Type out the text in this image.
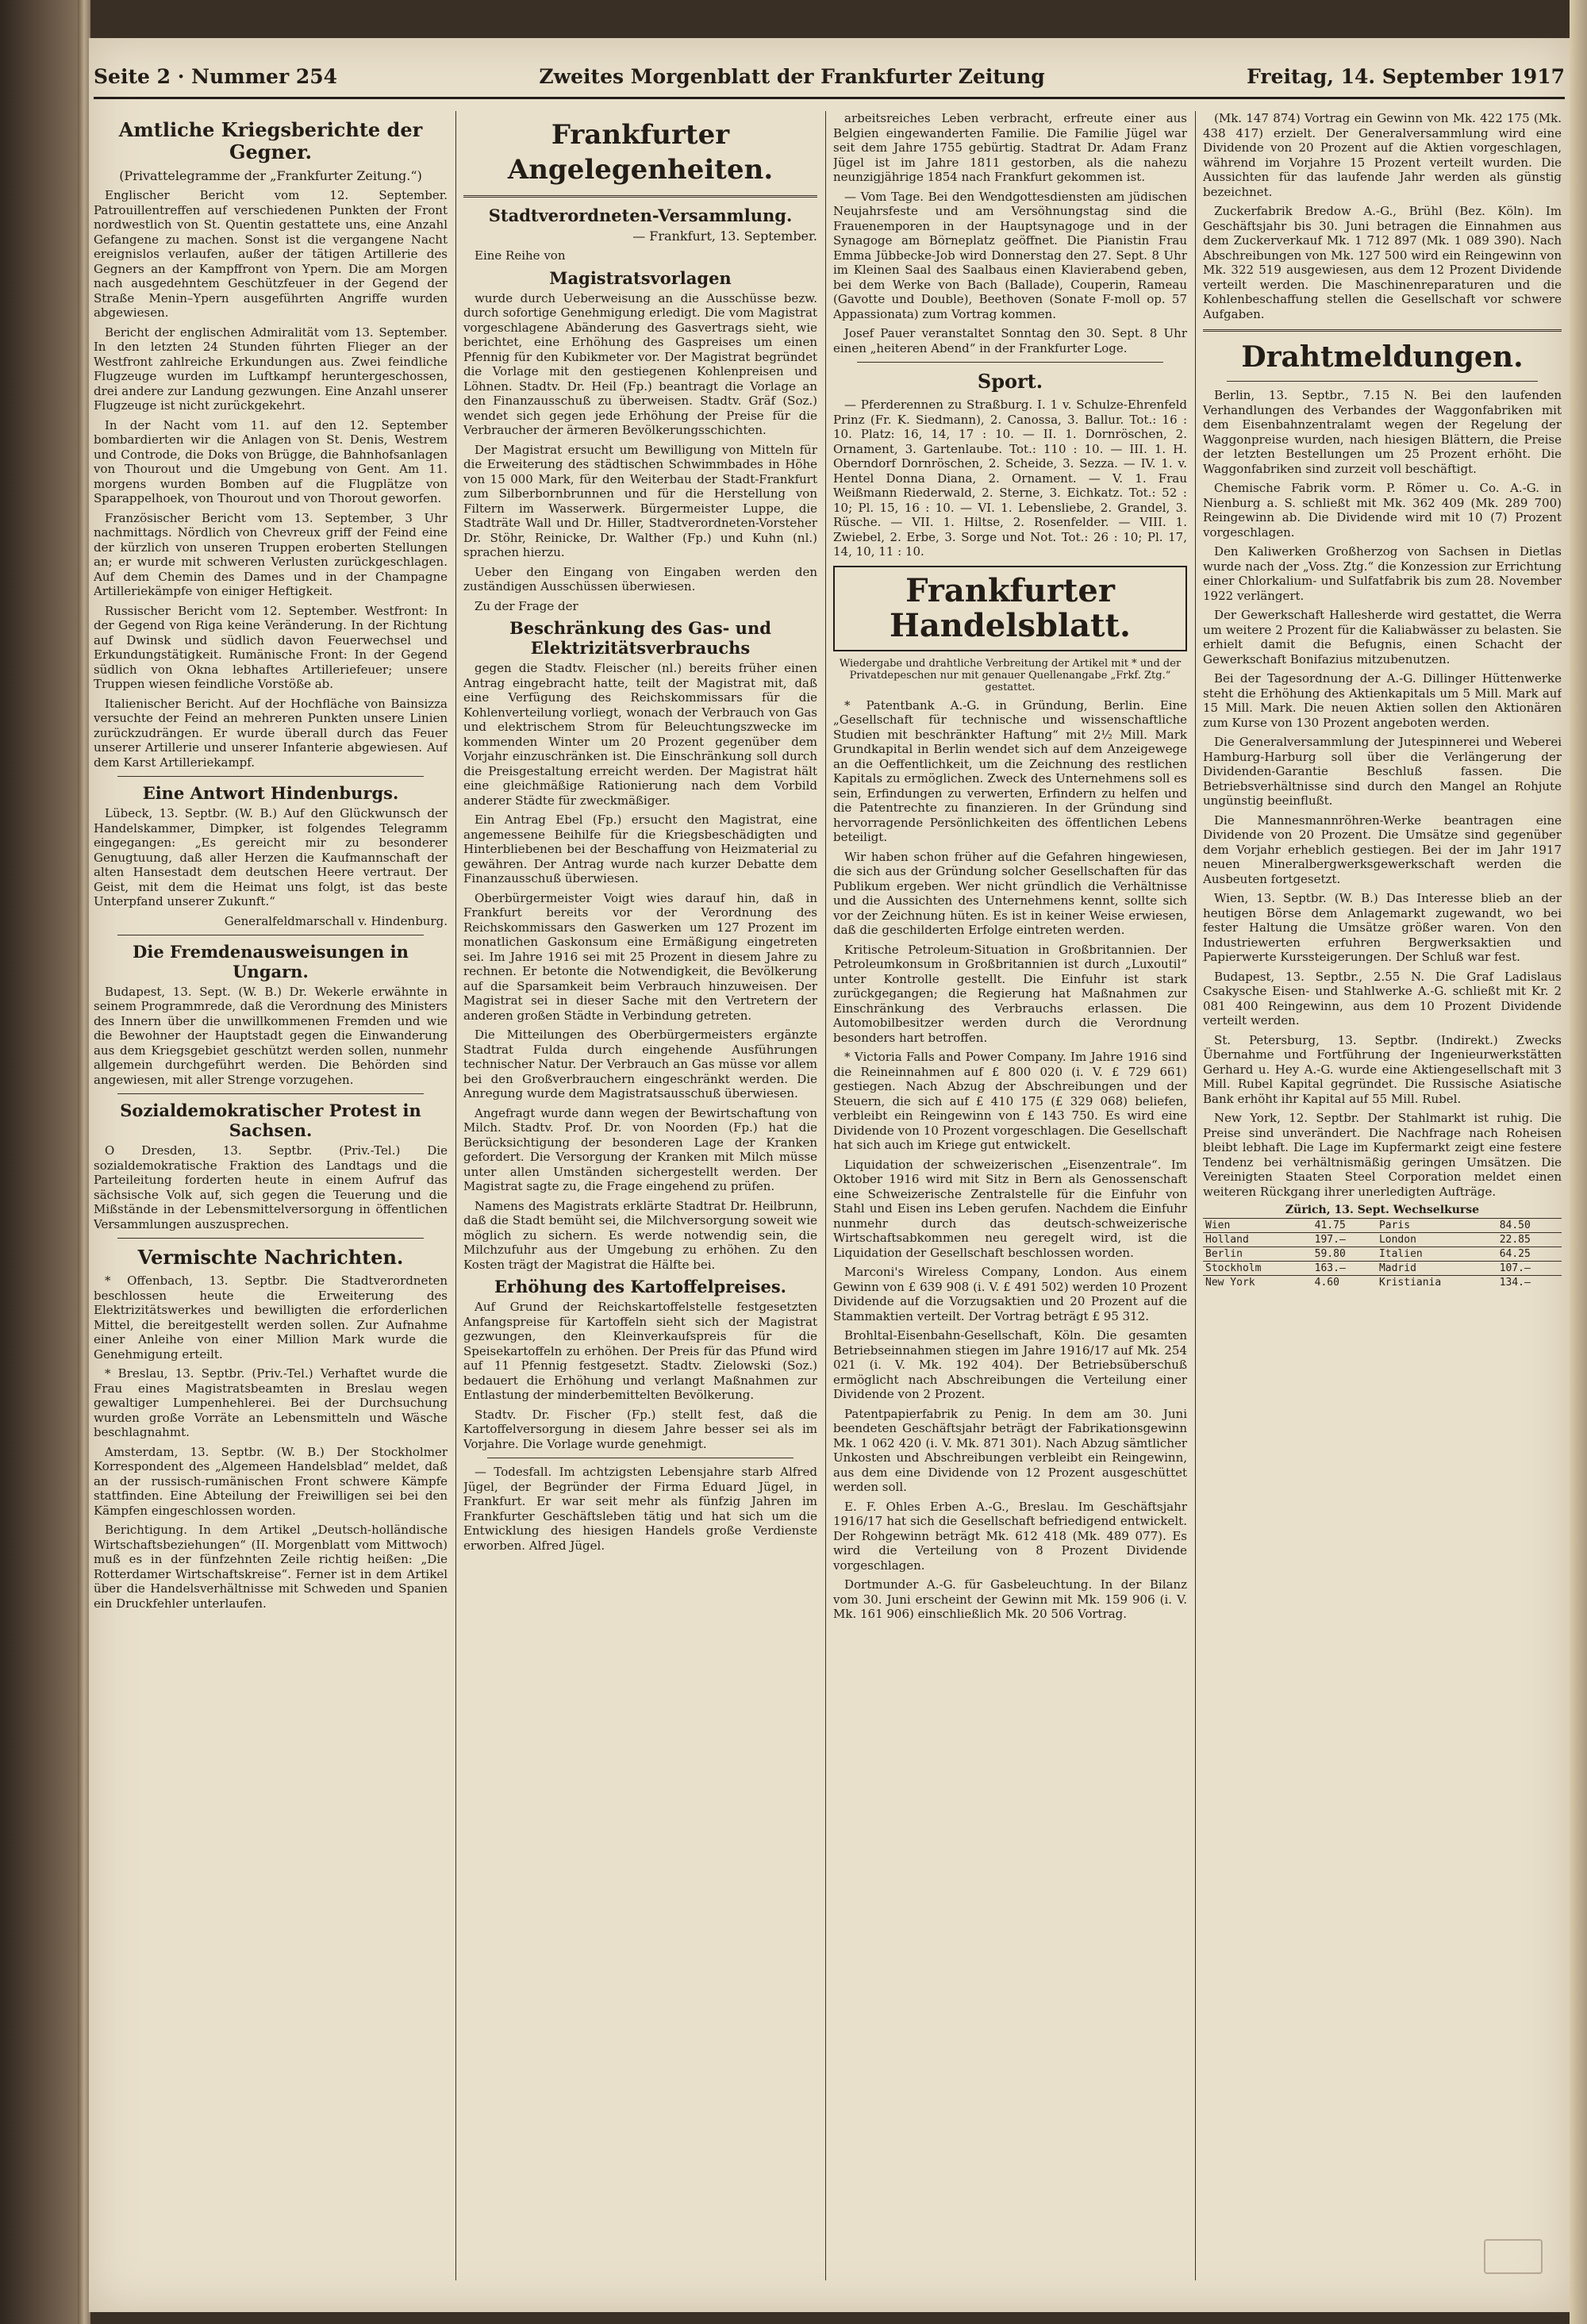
Seite 2 · Nummer 254	Zweites Morgenblatt der Frankfurter Zeitung	Freitag, 14. September 1917
Amtliche Kriegsberichte der Gegner.
(Privattelegramme der „Frankfurter Zeitung.“)

Englischer Bericht vom 12. September. Patrouillentreffen auf verschiedenen Punkten der Front nordwestlich von St. Quentin gestattete uns, eine Anzahl Gefangene zu machen. Sonst ist die vergangene Nacht ereignislos verlaufen, außer der tätigen Artillerie des Gegners an der Kampffront von Ypern. Die am Morgen nach ausgedehntem Geschützfeuer in der Gegend der Straße Menin–Ypern ausgeführten Angriffe wurden abgewiesen.

Bericht der englischen Admiralität vom 13. September. In den letzten 24 Stunden führten Flieger an der Westfront zahlreiche Erkundungen aus. Zwei feindliche Flugzeuge wurden im Luftkampf heruntergeschossen, drei andere zur Landung gezwungen. Eine Anzahl unserer Flugzeuge ist nicht zurückgekehrt.

In der Nacht vom 11. auf den 12. September bombardierten wir die Anlagen von St. Denis, Westrem und Controde, die Doks von Brügge, die Bahnhofsanlagen von Thourout und die Umgebung von Gent. Am 11. morgens wurden Bomben auf die Flugplätze von Sparappelhoek, von Thourout und von Thorout geworfen.

Französischer Bericht vom 13. September, 3 Uhr nachmittags. Nördlich von Chevreux griff der Feind eine der kürzlich von unseren Truppen eroberten Stellungen an; er wurde mit schweren Verlusten zurückgeschlagen. Auf dem Chemin des Dames und in der Champagne Artilleriekämpfe von einiger Heftigkeit.

Russischer Bericht vom 12. September. Westfront: In der Gegend von Riga keine Veränderung. In der Richtung auf Dwinsk und südlich davon Feuerwechsel und Erkundungstätigkeit. Rumänische Front: In der Gegend südlich von Okna lebhaftes Artilleriefeuer; unsere Truppen wiesen feindliche Vorstöße ab.

Italienischer Bericht. Auf der Hochfläche von Bainsizza versuchte der Feind an mehreren Punkten unsere Linien zurückzudrängen. Er wurde überall durch das Feuer unserer Artillerie und unserer Infanterie abgewiesen. Auf dem Karst Artilleriekampf.

Eine Antwort Hindenburgs.

Lübeck, 13. Septbr. (W. B.) Auf den Glückwunsch der Handelskammer, Dimpker, ist folgendes Telegramm eingegangen: „Es gereicht mir zu besonderer Genugtuung, daß aller Herzen die Kaufmannschaft der alten Hansestadt dem deutschen Heere vertraut. Der Geist, mit dem die Heimat uns folgt, ist das beste Unterpfand unserer Zukunft.“

Generalfeldmarschall v. Hindenburg.
Die Fremdenausweisungen in Ungarn.

Budapest, 13. Sept. (W. B.) Dr. Wekerle erwähnte in seinem Programmrede, daß die Verordnung des Ministers des Innern über die unwillkommenen Fremden und wie die Bewohner der Hauptstadt gegen die Einwanderung aus dem Kriegsgebiet geschützt werden sollen, nunmehr allgemein durchgeführt werden. Die Behörden sind angewiesen, mit aller Strenge vorzugehen.

Sozialdemokratischer Protest in Sachsen.

O Dresden, 13. Septbr. (Priv.-Tel.) Die sozialdemokratische Fraktion des Landtags und die Parteileitung forderten heute in einem Aufruf das sächsische Volk auf, sich gegen die Teuerung und die Mißstände in der Lebensmittelversorgung in öffentlichen Versammlungen auszusprechen.

Vermischte Nachrichten.

* Offenbach, 13. Septbr. Die Stadtverordneten beschlossen heute die Erweiterung des Elektrizitätswerkes und bewilligten die erforderlichen Mittel, die bereitgestellt werden sollen. Zur Aufnahme einer Anleihe von einer Million Mark wurde die Genehmigung erteilt.

* Breslau, 13. Septbr. (Priv.-Tel.) Verhaftet wurde die Frau eines Magistratsbeamten in Breslau wegen gewaltiger Lumpenhehlerei. Bei der Durchsuchung wurden große Vorräte an Lebensmitteln und Wäsche beschlagnahmt.

Amsterdam, 13. Septbr. (W. B.) Der Stockholmer Korrespondent des „Algemeen Handelsblad“ meldet, daß an der russisch-rumänischen Front schwere Kämpfe stattfinden. Eine Abteilung der Freiwilligen sei bei den Kämpfen eingeschlossen worden.

Berichtigung. In dem Artikel „Deutsch-holländische Wirtschaftsbeziehungen“ (II. Morgenblatt vom Mittwoch) muß es in der fünfzehnten Zeile richtig heißen: „Die Rotterdamer Wirtschaftskreise“. Ferner ist in dem Artikel über die Handelsverhältnisse mit Schweden und Spanien ein Druckfehler unterlaufen.

Frankfurter Angelegenheiten.
Stadtverordneten-Versammlung.
— Frankfurt, 13. September.

Eine Reihe von

Magistratsvorlagen

wurde durch Ueberweisung an die Ausschüsse bezw. durch sofortige Genehmigung erledigt. Die vom Magistrat vorgeschlagene Abänderung des Gasvertrags sieht, wie berichtet, eine Erhöhung des Gaspreises um einen Pfennig für den Kubikmeter vor. Der Magistrat begründet die Vorlage mit den gestiegenen Kohlenpreisen und Löhnen. Stadtv. Dr. Heil (Fp.) beantragt die Vorlage an den Finanzausschuß zu überweisen. Stadtv. Gräf (Soz.) wendet sich gegen jede Erhöhung der Preise für die Verbraucher der ärmeren Bevölkerungsschichten.

Der Magistrat ersucht um Bewilligung von Mitteln für die Erweiterung des städtischen Schwimmbades in Höhe von 15 000 Mark, für den Weiterbau der Stadt-Frankfurt zum Silberbornbrunnen und für die Herstellung von Filtern im Wasserwerk. Bürgermeister Luppe, die Stadträte Wall und Dr. Hiller, Stadtverordneten-Vorsteher Dr. Stöhr, Reinicke, Dr. Walther (Fp.) und Kuhn (nl.) sprachen hierzu.

Ueber den Eingang von Eingaben werden den zuständigen Ausschüssen überwiesen.

Zu der Frage der

Beschränkung des Gas- und Elektrizitätsverbrauchs

gegen die Stadtv. Fleischer (nl.) bereits früher einen Antrag eingebracht hatte, teilt der Magistrat mit, daß eine Verfügung des Reichskommissars für die Kohlenverteilung vorliegt, wonach der Verbrauch von Gas und elektrischem Strom für Beleuchtungszwecke im kommenden Winter um 20 Prozent gegenüber dem Vorjahr einzuschränken ist. Die Einschränkung soll durch die Preisgestaltung erreicht werden. Der Magistrat hält eine gleichmäßige Rationierung nach dem Vorbild anderer Städte für zweckmäßiger.

Ein Antrag Ebel (Fp.) ersucht den Magistrat, eine angemessene Beihilfe für die Kriegsbeschädigten und Hinterbliebenen bei der Beschaffung von Heizmaterial zu gewähren. Der Antrag wurde nach kurzer Debatte dem Finanzausschuß überwiesen.

Oberbürgermeister Voigt wies darauf hin, daß in Frankfurt bereits vor der Verordnung des Reichskommissars den Gaswerken um 127 Prozent im monatlichen Gaskonsum eine Ermäßigung eingetreten sei. Im Jahre 1916 sei mit 25 Prozent in diesem Jahre zu rechnen. Er betonte die Notwendigkeit, die Bevölkerung auf die Sparsamkeit beim Verbrauch hinzuweisen. Der Magistrat sei in dieser Sache mit den Vertretern der anderen großen Städte in Verbindung getreten.

Die Mitteilungen des Oberbürgermeisters ergänzte Stadtrat Fulda durch eingehende Ausführungen technischer Natur. Der Verbrauch an Gas müsse vor allem bei den Großverbrauchern eingeschränkt werden. Die Anregung wurde dem Magistratsausschuß überwiesen.

Angefragt wurde dann wegen der Bewirtschaftung von Milch. Stadtv. Prof. Dr. von Noorden (Fp.) hat die Berücksichtigung der besonderen Lage der Kranken gefordert. Die Versorgung der Kranken mit Milch müsse unter allen Umständen sichergestellt werden. Der Magistrat sagte zu, die Frage eingehend zu prüfen.

Namens des Magistrats erklärte Stadtrat Dr. Heilbrunn, daß die Stadt bemüht sei, die Milchversorgung soweit wie möglich zu sichern. Es werde notwendig sein, die Milchzufuhr aus der Umgebung zu erhöhen. Zu den Kosten trägt der Magistrat die Hälfte bei.

Erhöhung des Kartoffelpreises.

Auf Grund der Reichskartoffelstelle festgesetzten Anfangspreise für Kartoffeln sieht sich der Magistrat gezwungen, den Kleinverkaufspreis für die Speisekartoffeln zu erhöhen. Der Preis für das Pfund wird auf 11 Pfennig festgesetzt. Stadtv. Zielowski (Soz.) bedauert die Erhöhung und verlangt Maßnahmen zur Entlastung der minderbemittelten Bevölkerung.

Stadtv. Dr. Fischer (Fp.) stellt fest, daß die Kartoffelversorgung in diesem Jahre besser sei als im Vorjahre. Die Vorlage wurde genehmigt.

— Todesfall. Im achtzigsten Lebensjahre starb Alfred Jügel, der Begründer der Firma Eduard Jügel, in Frankfurt. Er war seit mehr als fünfzig Jahren im Frankfurter Geschäftsleben tätig und hat sich um die Entwicklung des hiesigen Handels große Verdienste erworben. Alfred Jügel.

arbeitsreiches Leben verbracht, erfreute einer aus Belgien eingewanderten Familie. Die Familie Jügel war seit dem Jahre 1755 gebürtig. Stadtrat Dr. Adam Franz Jügel ist im Jahre 1811 gestorben, als die nahezu neunzigjährige 1854 nach Frankfurt gekommen ist.

— Vom Tage. Bei den Wendgottesdiensten am jüdischen Neujahrsfeste und am Versöhnungstag sind die Frauenemporen in der Hauptsynagoge und in der Synagoge am Börneplatz geöffnet. Die Pianistin Frau Emma Jübbecke-Job wird Donnerstag den 27. Sept. 8 Uhr im Kleinen Saal des Saalbaus einen Klavierabend geben, bei dem Werke von Bach (Ballade), Couperin, Rameau (Gavotte und Double), Beethoven (Sonate F-moll op. 57 Appassionata) zum Vortrag kommen.

Josef Pauer veranstaltet Sonntag den 30. Sept. 8 Uhr einen „heiteren Abend“ in der Frankfurter Loge.

Sport.

— Pferderennen zu Straßburg. I. 1 v. Schulze-Ehrenfeld Prinz (Fr. K. Siedmann), 2. Canossa, 3. Ballur. Tot.: 16 : 10. Platz: 16, 14, 17 : 10. — II. 1. Dornröschen, 2. Ornament, 3. Gartenlaube. Tot.: 110 : 10. — III. 1. H. Oberndorf Dornröschen, 2. Scheide, 3. Sezza. — IV. 1. v. Hentel Donna Diana, 2. Ornament. — V. 1. Frau Weißmann Riederwald, 2. Sterne, 3. Eichkatz. Tot.: 52 : 10; Pl. 15, 16 : 10. — VI. 1. Lebensliebe, 2. Grandel, 3. Rüsche. — VII. 1. Hiltse, 2. Rosenfelder. — VIII. 1. Zwiebel, 2. Erbe, 3. Sorge und Not. Tot.: 26 : 10; Pl. 17, 14, 10, 11 : 10.

Frankfurter Handelsblatt.
Wiedergabe und drahtliche Verbreitung der Artikel mit * und der Privatdepeschen nur mit genauer Quellenangabe „Frkf. Ztg.“ gestattet.

* Patentbank A.-G. in Gründung, Berlin. Eine „Gesellschaft für technische und wissenschaftliche Studien mit beschränkter Haftung“ mit 2½ Mill. Mark Grundkapital in Berlin wendet sich auf dem Anzeigewege an die Oeffentlichkeit, um die Zeichnung des restlichen Kapitals zu ermöglichen. Zweck des Unternehmens soll es sein, Erfindungen zu verwerten, Erfindern zu helfen und die Patentrechte zu finanzieren. In der Gründung sind hervorragende Persönlichkeiten des öffentlichen Lebens beteiligt.

Wir haben schon früher auf die Gefahren hingewiesen, die sich aus der Gründung solcher Gesellschaften für das Publikum ergeben. Wer nicht gründlich die Verhältnisse und die Aussichten des Unternehmens kennt, sollte sich vor der Zeichnung hüten. Es ist in keiner Weise erwiesen, daß die geschilderten Erfolge eintreten werden.

Kritische Petroleum-Situation in Großbritannien. Der Petroleumkonsum in Großbritannien ist durch „Luxoutil“ unter Kontrolle gestellt. Die Einfuhr ist stark zurückgegangen; die Regierung hat Maßnahmen zur Einschränkung des Verbrauchs erlassen. Die Automobilbesitzer werden durch die Verordnung besonders hart betroffen.

* Victoria Falls and Power Company. Im Jahre 1916 sind die Reineinnahmen auf £ 800 020 (i. V. £ 729 661) gestiegen. Nach Abzug der Abschreibungen und der Steuern, die sich auf £ 410 175 (£ 329 068) beliefen, verbleibt ein Reingewinn von £ 143 750. Es wird eine Dividende von 10 Prozent vorgeschlagen. Die Gesellschaft hat sich auch im Kriege gut entwickelt.

Liquidation der schweizerischen „Eisenzentrale“. Im Oktober 1916 wird mit Sitz in Bern als Genossenschaft eine Schweizerische Zentralstelle für die Einfuhr von Stahl und Eisen ins Leben gerufen. Nachdem die Einfuhr nunmehr durch das deutsch-schweizerische Wirtschaftsabkommen neu geregelt wird, ist die Liquidation der Gesellschaft beschlossen worden.

Marconi's Wireless Company, London. Aus einem Gewinn von £ 639 908 (i. V. £ 491 502) werden 10 Prozent Dividende auf die Vorzugsaktien und 20 Prozent auf die Stammaktien verteilt. Der Vortrag beträgt £ 95 312.

Brohltal-Eisenbahn-Gesellschaft, Köln. Die gesamten Betriebseinnahmen stiegen im Jahre 1916/17 auf Mk. 254 021 (i. V. Mk. 192 404). Der Betriebsüberschuß ermöglicht nach Abschreibungen die Verteilung einer Dividende von 2 Prozent.

Patentpapierfabrik zu Penig. In dem am 30. Juni beendeten Geschäftsjahr beträgt der Fabrikationsgewinn Mk. 1 062 420 (i. V. Mk. 871 301). Nach Abzug sämtlicher Unkosten und Abschreibungen verbleibt ein Reingewinn, aus dem eine Dividende von 12 Prozent ausgeschüttet werden soll.

E. F. Ohles Erben A.-G., Breslau. Im Geschäftsjahr 1916/17 hat sich die Gesellschaft befriedigend entwickelt. Der Rohgewinn beträgt Mk. 612 418 (Mk. 489 077). Es wird die Verteilung von 8 Prozent Dividende vorgeschlagen.

Dortmunder A.-G. für Gasbeleuchtung. In der Bilanz vom 30. Juni erscheint der Gewinn mit Mk. 159 906 (i. V. Mk. 161 906) einschließlich Mk. 20 506 Vortrag.

(Mk. 147 874) Vortrag ein Gewinn von Mk. 422 175 (Mk. 438 417) erzielt. Der Generalversammlung wird eine Dividende von 20 Prozent auf die Aktien vorgeschlagen, während im Vorjahre 15 Prozent verteilt wurden. Die Aussichten für das laufende Jahr werden als günstig bezeichnet.

Zuckerfabrik Bredow A.-G., Brühl (Bez. Köln). Im Geschäftsjahr bis 30. Juni betragen die Einnahmen aus dem Zuckerverkauf Mk. 1 712 897 (Mk. 1 089 390). Nach Abschreibungen von Mk. 127 500 wird ein Reingewinn von Mk. 322 519 ausgewiesen, aus dem 12 Prozent Dividende verteilt werden. Die Maschinenreparaturen und die Kohlenbeschaffung stellen die Gesellschaft vor schwere Aufgaben.

Drahtmeldungen.

Berlin, 13. Septbr., 7.15 N. Bei den laufenden Verhandlungen des Verbandes der Waggonfabriken mit dem Eisenbahnzentralamt wegen der Regelung der Waggonpreise wurden, nach hiesigen Blättern, die Preise der letzten Bestellungen um 25 Prozent erhöht. Die Waggonfabriken sind zurzeit voll beschäftigt.

Chemische Fabrik vorm. P. Römer u. Co. A.-G. in Nienburg a. S. schließt mit Mk. 362 409 (Mk. 289 700) Reingewinn ab. Die Dividende wird mit 10 (7) Prozent vorgeschlagen.

Den Kaliwerken Großherzog von Sachsen in Dietlas wurde nach der „Voss. Ztg.“ die Konzession zur Errichtung einer Chlorkalium- und Sulfatfabrik bis zum 28. November 1922 verlängert.

Der Gewerkschaft Hallesherde wird gestattet, die Werra um weitere 2 Prozent für die Kaliabwässer zu belasten. Sie erhielt damit die Befugnis, einen Schacht der Gewerkschaft Bonifazius mitzubenutzen.

Bei der Tagesordnung der A.-G. Dillinger Hüttenwerke steht die Erhöhung des Aktienkapitals um 5 Mill. Mark auf 15 Mill. Mark. Die neuen Aktien sollen den Aktionären zum Kurse von 130 Prozent angeboten werden.

Die Generalversammlung der Jutespinnerei und Weberei Hamburg-Harburg soll über die Verlängerung der Dividenden-Garantie Beschluß fassen. Die Betriebsverhältnisse sind durch den Mangel an Rohjute ungünstig beeinflußt.

Die Mannesmannröhren-Werke beantragen eine Dividende von 20 Prozent. Die Umsätze sind gegenüber dem Vorjahr erheblich gestiegen. Bei der im Jahr 1917 neuen Mineralbergwerksgewerkschaft werden die Ausbeuten fortgesetzt.

Wien, 13. Septbr. (W. B.) Das Interesse blieb an der heutigen Börse dem Anlagemarkt zugewandt, wo bei fester Haltung die Umsätze größer waren. Von den Industriewerten erfuhren Bergwerksaktien und Papierwerte Kurssteigerungen. Der Schluß war fest.

Budapest, 13. Septbr., 2.55 N. Die Graf Ladislaus Csakysche Eisen- und Stahlwerke A.-G. schließt mit Kr. 2 081 400 Reingewinn, aus dem 10 Prozent Dividende verteilt werden.

St. Petersburg, 13. Septbr. (Indirekt.) Zwecks Übernahme und Fortführung der Ingenieurwerkstätten Gerhard u. Hey A.-G. wurde eine Aktiengesellschaft mit 3 Mill. Rubel Kapital gegründet. Die Russische Asiatische Bank erhöht ihr Kapital auf 55 Mill. Rubel.

New York, 12. Septbr. Der Stahlmarkt ist ruhig. Die Preise sind unverändert. Die Nachfrage nach Roheisen bleibt lebhaft. Die Lage im Kupfermarkt zeigt eine festere Tendenz bei verhältnismäßig geringen Umsätzen. Die Vereinigten Staaten Steel Corporation meldet einen weiteren Rückgang ihrer unerledigten Aufträge.

Zürich, 13. Sept. Wechselkurse
Wien	41.75	Paris	84.50
Holland	197.—	London	22.85
Berlin	59.80	Italien	64.25
Stockholm	163.—	Madrid	107.—
New York	4.60	Kristiania	134.—
